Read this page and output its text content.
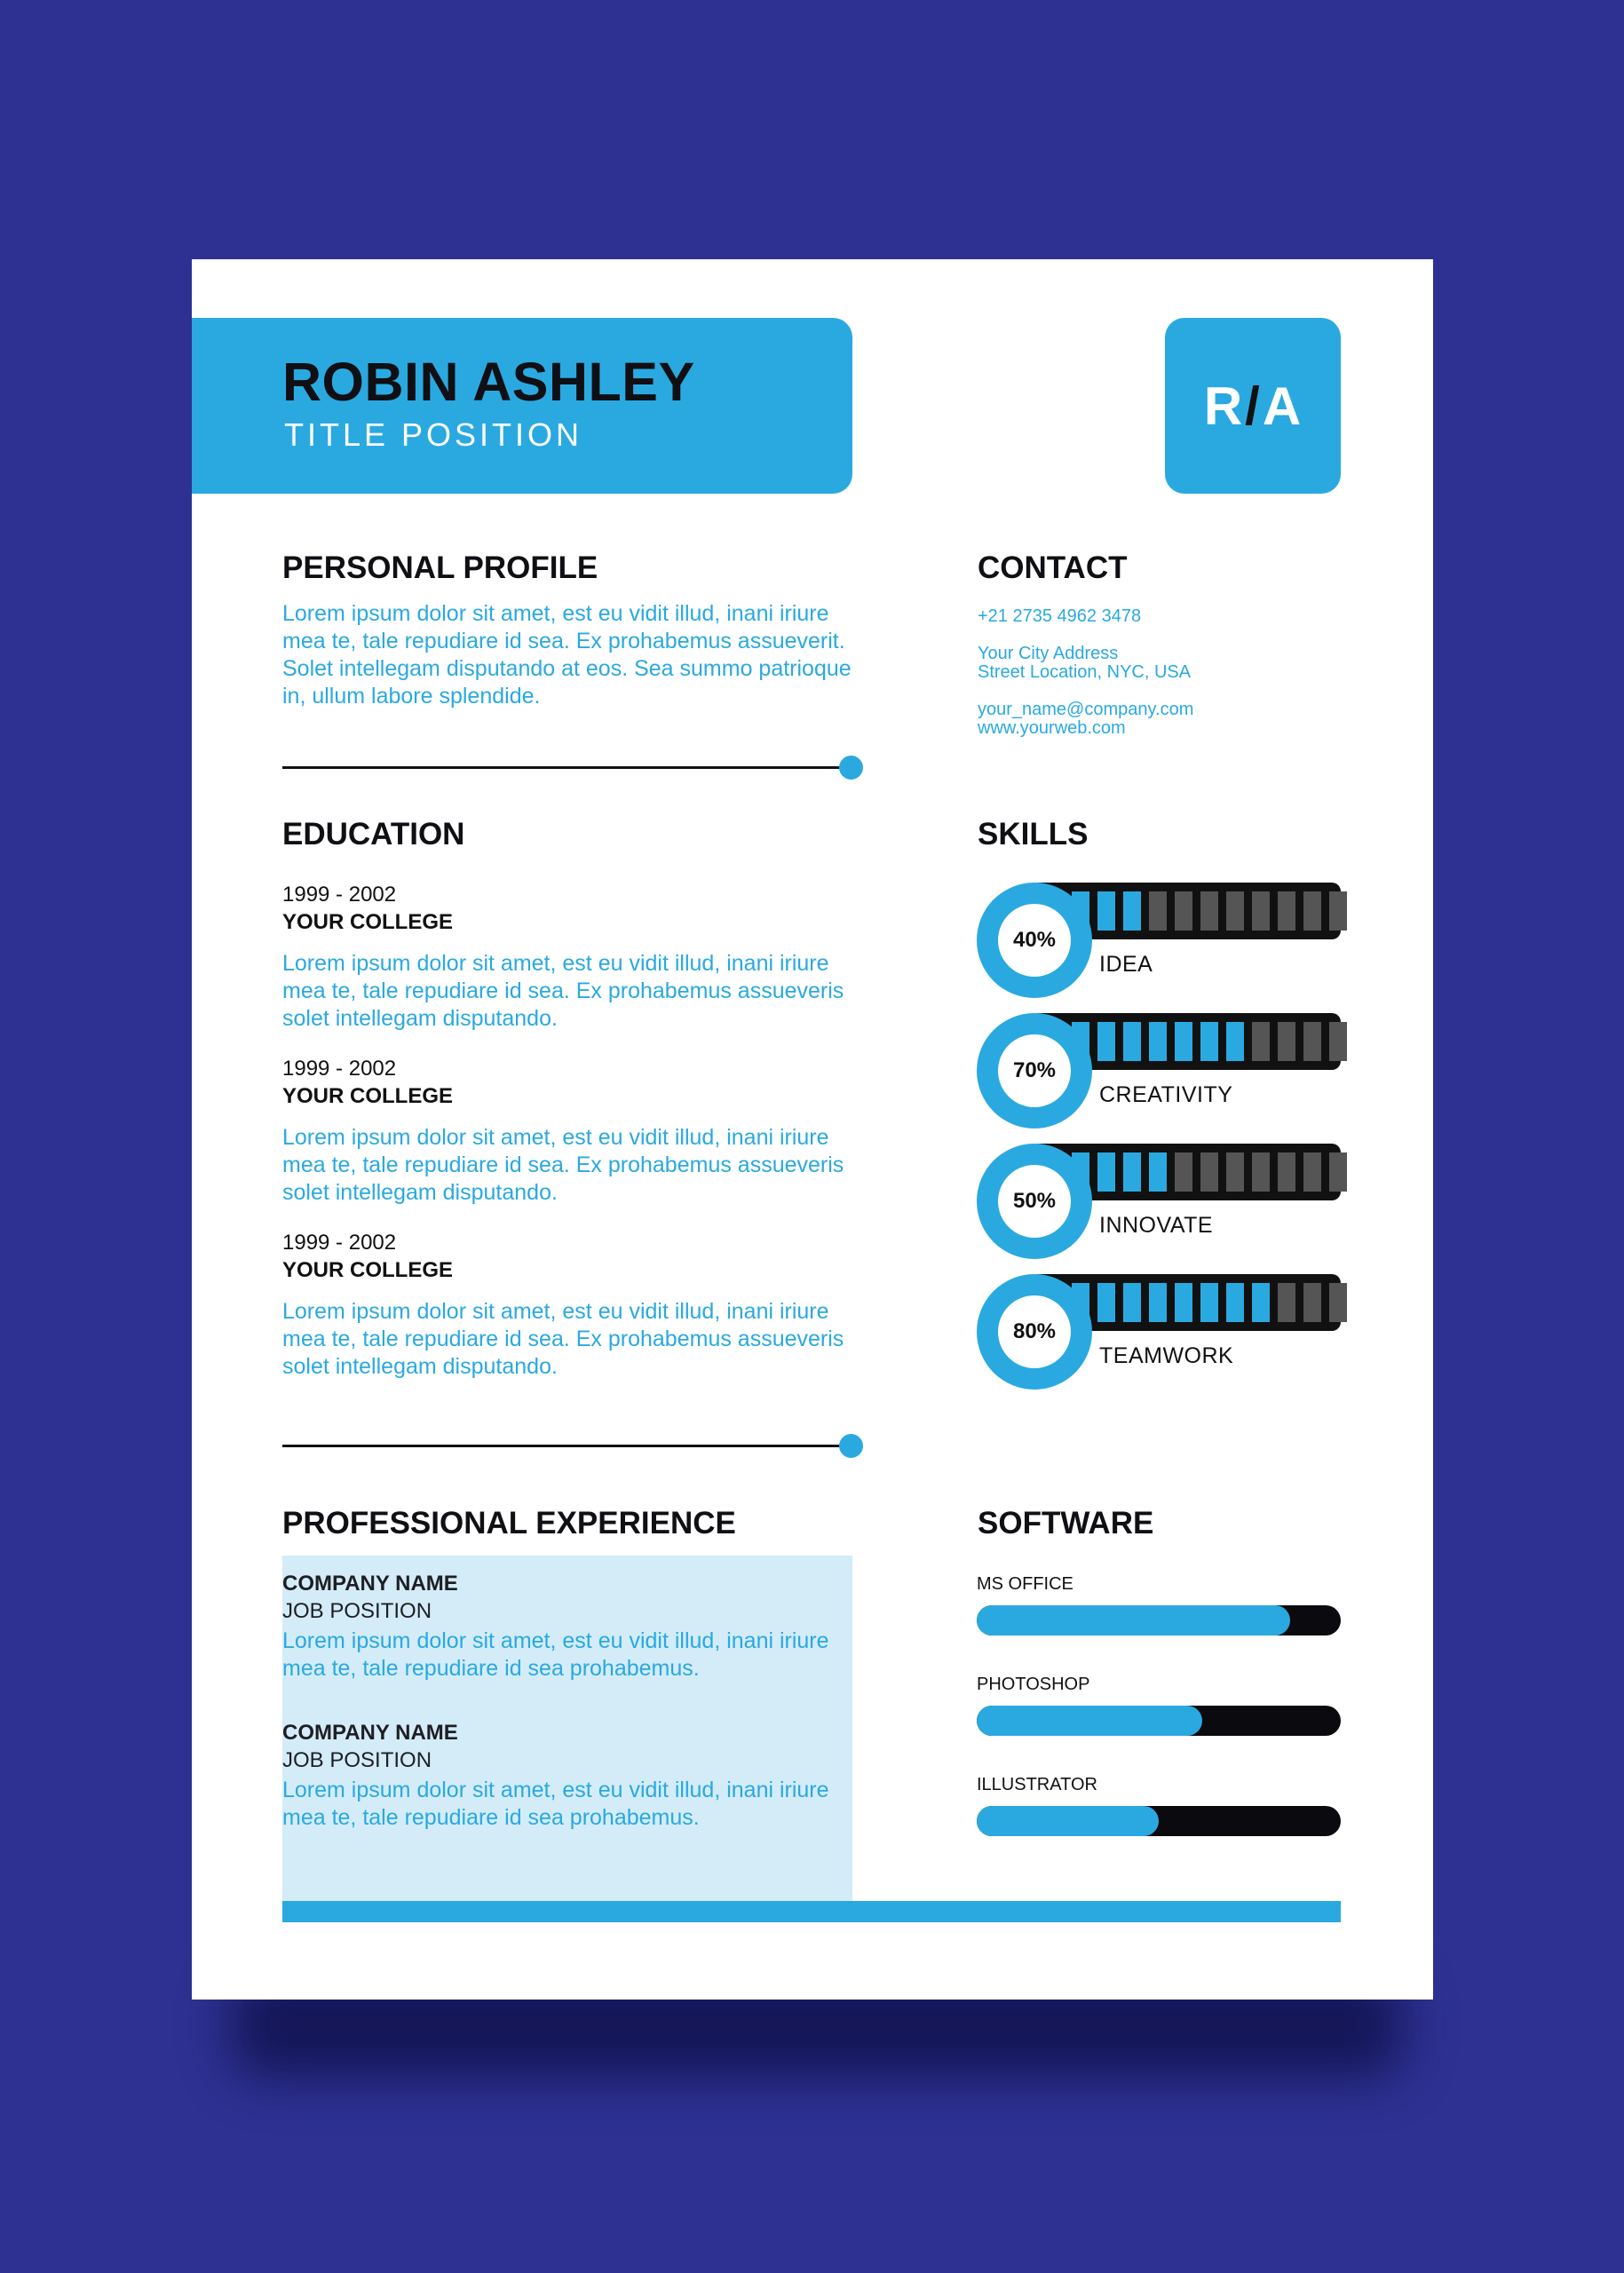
ROBIN ASHLEY
TITLE POSITION	R / A
PERSONAL PROFILE
Lorem ipsum dolor sit amet, est eu vidit illud, inani iriure mea te, tale repudiare id sea. Ex prohabemus assueverit. Solet intellegam disputando at eos. Sea summo patrioque in, ullum labore splendide.
CONTACT
+21 2735 4962 3478
Your City Address
Street Location, NYC, USA
your_name@company.com
www.yourweb.com
EDUCATION
1999 - 2002
YOUR COLLEGE
Lorem ipsum dolor sit amet, est eu vidit illud, inani iriure mea te, tale repudiare id sea. Ex prohabemus assueveris solet intellegam disputando.
1999 - 2002
YOUR COLLEGE
Lorem ipsum dolor sit amet, est eu vidit illud, inani iriure mea te, tale repudiare id sea. Ex prohabemus assueveris solet intellegam disputando.
1999 - 2002
YOUR COLLEGE
Lorem ipsum dolor sit amet, est eu vidit illud, inani iriure mea te, tale repudiare id sea. Ex prohabemus assueveris solet intellegam disputando.
SKILLS
40%
IDEA
70%
CREATIVITY
50%
INNOVATE
80%
TEAMWORK
PROFESSIONAL EXPERIENCE
COMPANY NAME
JOB POSITION
Lorem ipsum dolor sit amet, est eu vidit illud, inani iriure mea te, tale repudiare id sea prohabemus.
COMPANY NAME
JOB POSITION
Lorem ipsum dolor sit amet, est eu vidit illud, inani iriure mea te, tale repudiare id sea prohabemus.
SOFTWARE
MS OFFICE
PHOTOSHOP
ILLUSTRATOR
